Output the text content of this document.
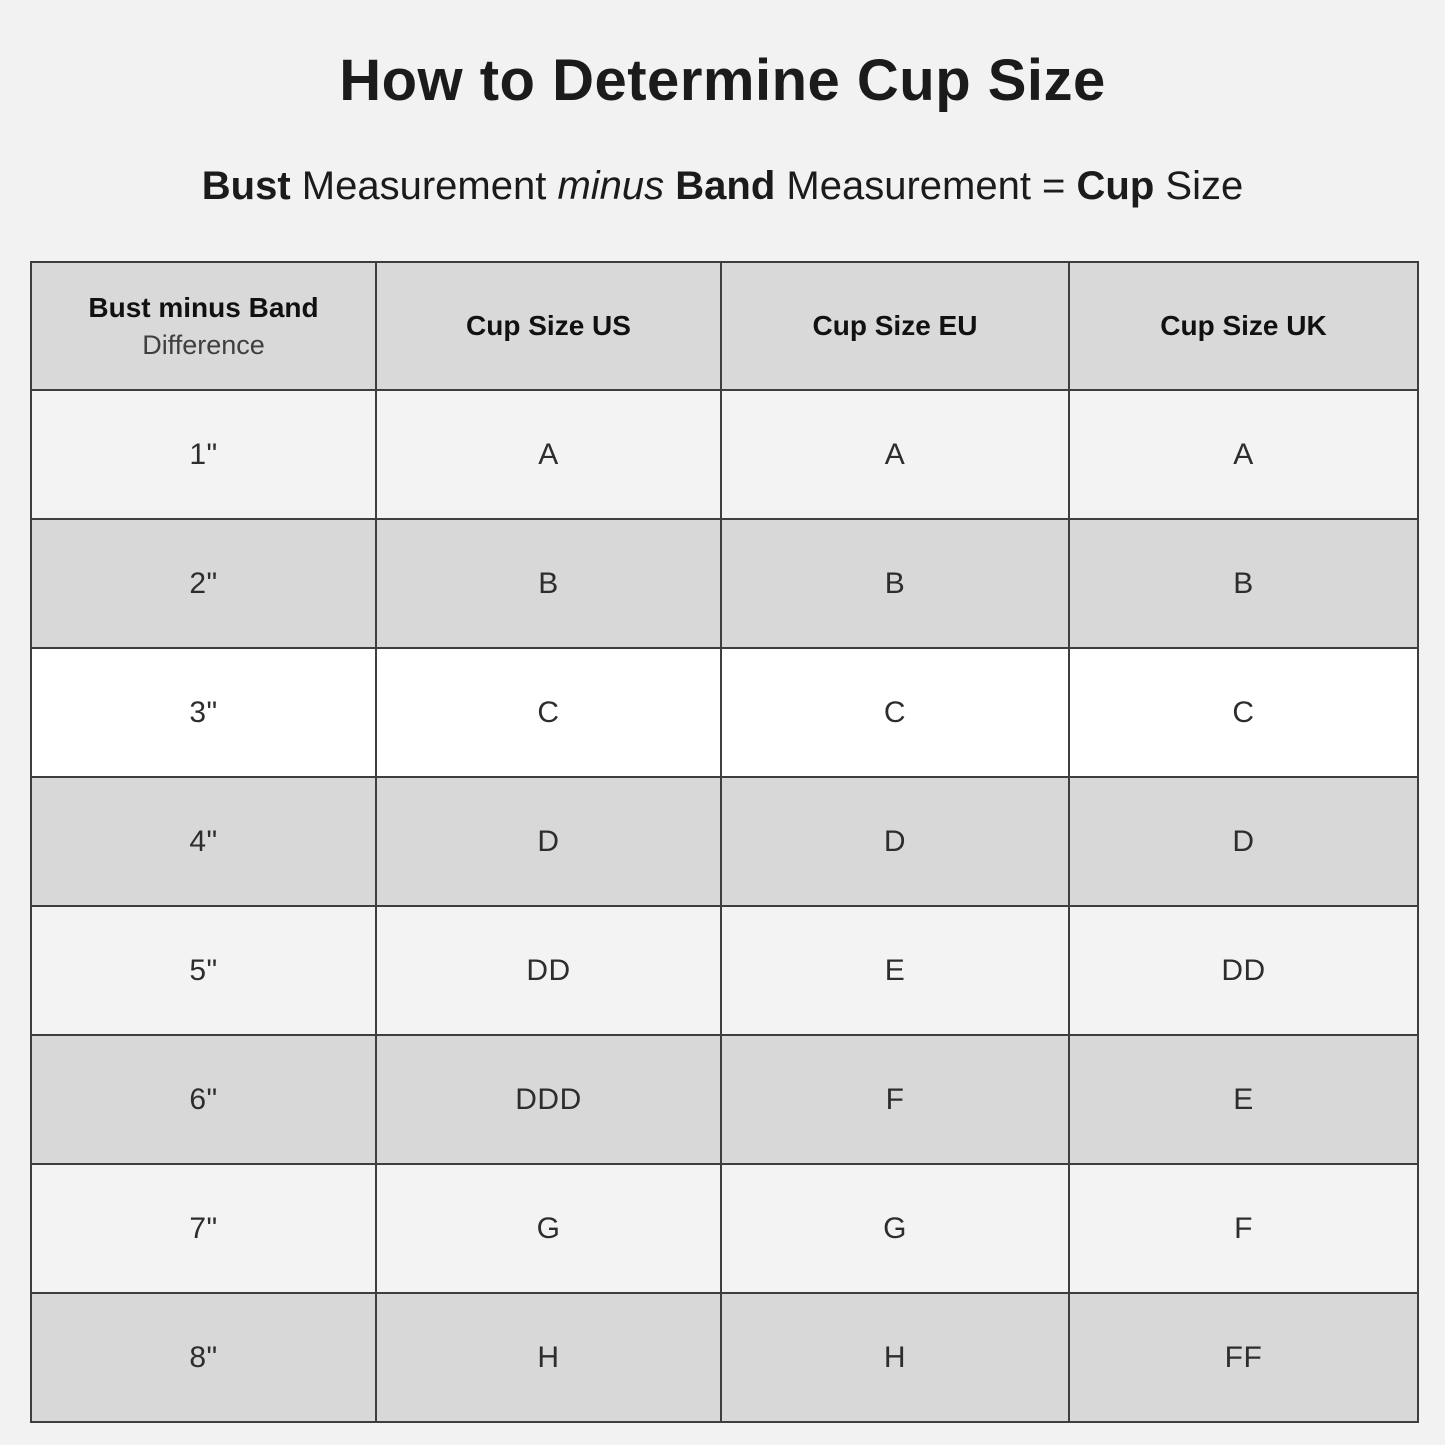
How to Determine Cup Size
Bust Measurement minus Band Measurement = Cup Size
Bust minus Band
Difference	Cup Size US	Cup Size EU	Cup Size UK
1"	A	A	A
2"	B	B	B
3"	C	C	C
4"	D	D	D
5"	DD	E	DD
6"	DDD	F	E
7"	G	G	F
8"	H	H	FF
